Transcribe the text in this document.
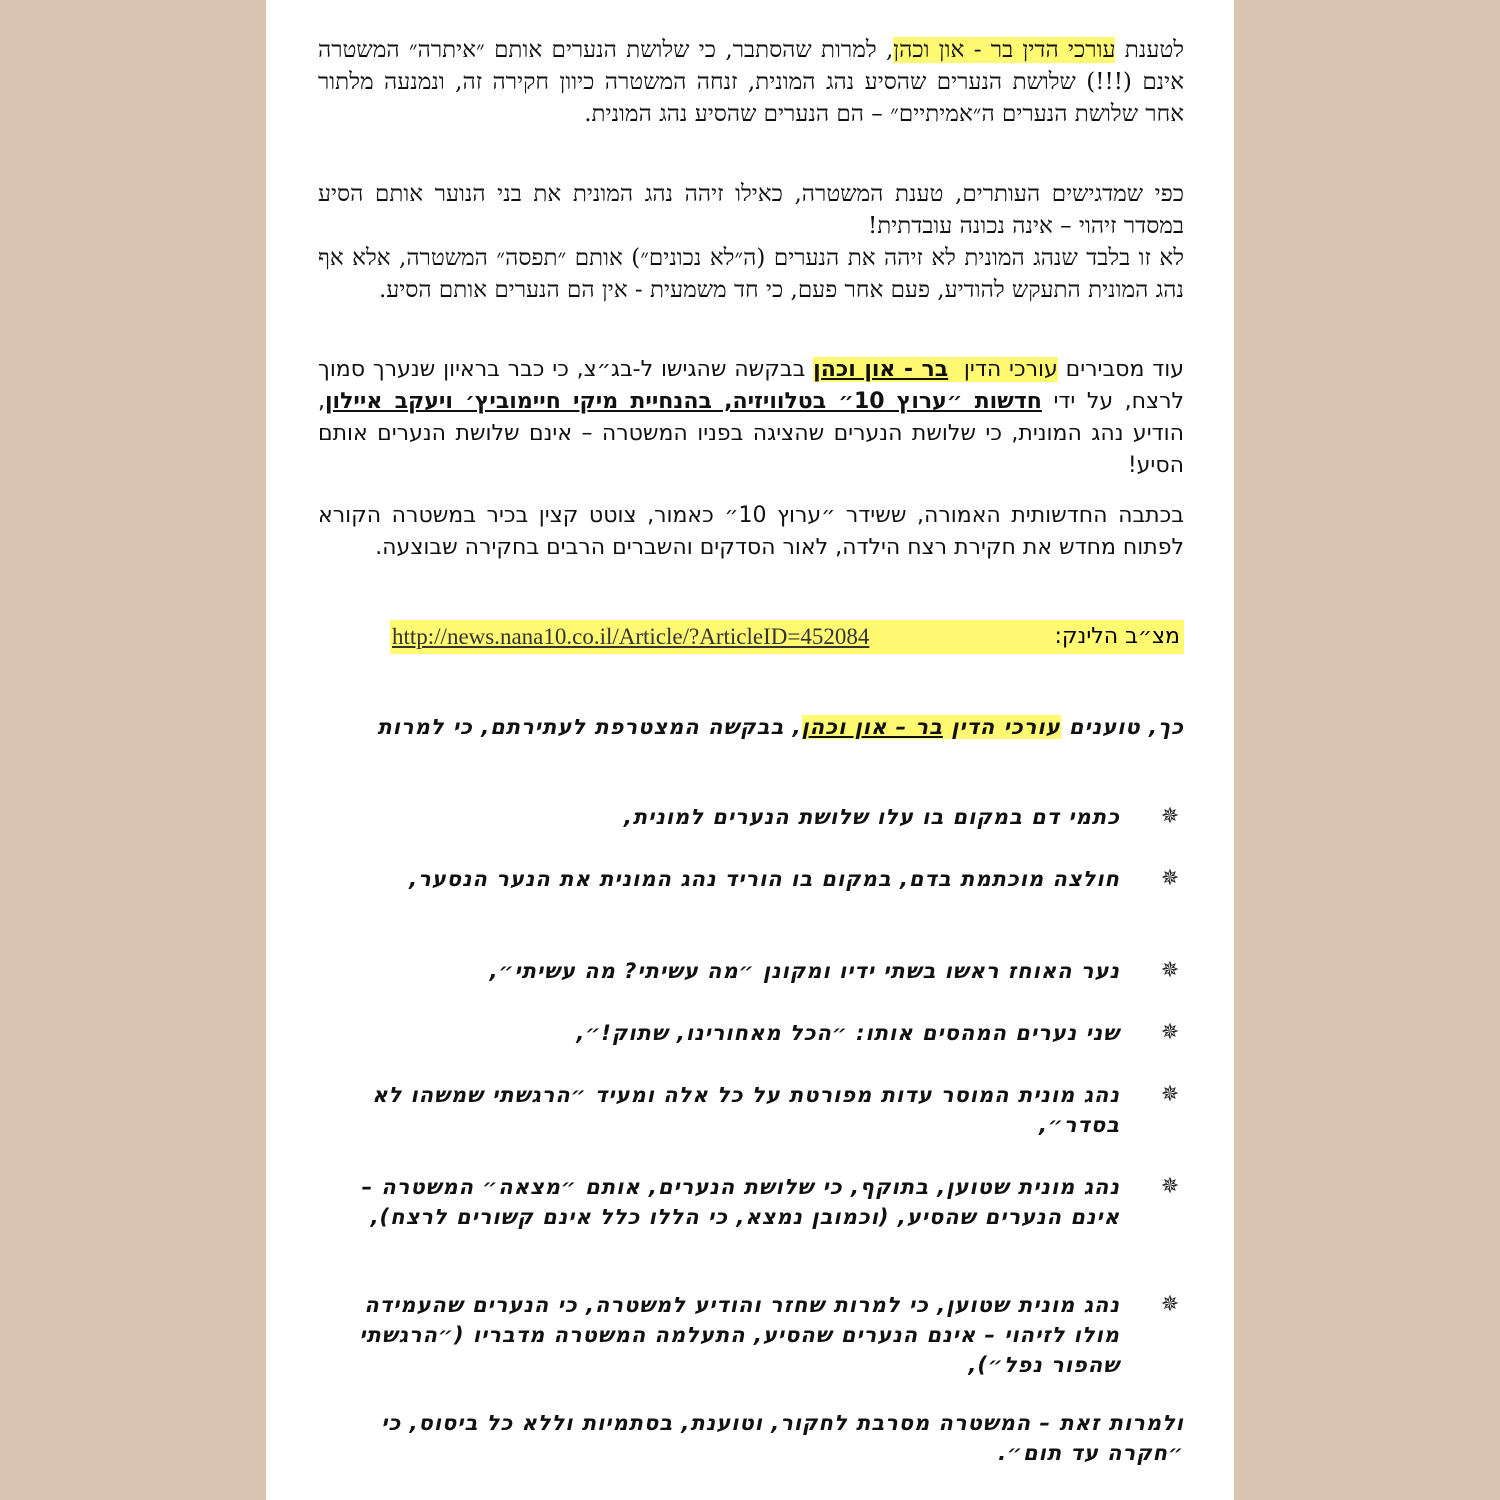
לטענת עורכי הדין בר - און וכהן, למרות שהסתבר, כי שלושת הנערים אותם ״איתרה״ המשטרה אינם (!!!) שלושת הנערים שהסיע נהג המונית, זנחה המשטרה כיוון חקירה זה, ונמנעה מלתור אחר שלושת הנערים ה״אמיתיים״ – הם הנערים שהסיע נהג המונית.
כפי שמדגישים העותרים, טענת המשטרה, כאילו זיהה נהג המונית את בני הנוער אותם הסיע במסדר זיהוי – אינה נכונה עובדתית!
לא זו בלבד שנהג המונית לא זיהה את הנערים (ה״לא נכונים״) אותם ״תפסה״ המשטרה, אלא אף נהג המונית התעקש להודיע, פעם אחר פעם, כי חד משמעית - אין הם הנערים אותם הסיע.
עוד מסבירים עורכי הדין  בר - און וכהן בבקשה שהגישו ל-בג״צ, כי כבר בראיון שנערך סמוך לרצח, על ידי חדשות ״ערוץ 10״ בטלוויזיה, בהנחיית מיקי חיימוביץ׳ ויעקב איילון, הודיע נהג המונית, כי שלושת הנערים שהציגה בפניו המשטרה – אינם שלושת הנערים אותם הסיע!
בכתבה החדשותית האמורה, ששידר ״ערוץ 10״ כאמור, צוטט קצין בכיר במשטרה הקורא לפתוח מחדש את חקירת רצח הילדה, לאור הסדקים והשברים הרבים בחקירה שבוצעה.
מצ״ב הלינק:
http://news.nana10.co.il/Article/?ArticleID=452084
כך, טוענים עורכי הדין בר – און וכהן, בבקשה המצטרפת לעתירתם, כי למרות
✵
כתמי דם במקום בו עלו שלושת הנערים למונית,
✵
חולצה מוכתמת בדם, במקום בו הוריד נהג המונית את הנער הנסער,
✵
נער האוחז ראשו בשתי ידיו ומקונן ״מה עשיתי? מה עשיתי״,
✵
שני נערים המהסים אותו: ״הכל מאחורינו, שתוק!״,
✵
נהג מונית המוסר עדות מפורטת על כל אלה ומעיד ״הרגשתי שמשהו לא בסדר״,
✵
נהג מונית שטוען, בתוקף, כי שלושת הנערים, אותם ״מצאה״ המשטרה – אינם הנערים שהסיע, (וכמובן נמצא, כי הללו כלל אינם קשורים לרצח),
✵
נהג מונית שטוען, כי למרות שחזר והודיע למשטרה, כי הנערים שהעמידה מולו לזיהוי – אינם הנערים שהסיע, התעלמה המשטרה מדבריו (״הרגשתי שהפור נפל״),
ולמרות זאת – המשטרה מסרבת לחקור, וטוענת, בסתמיות וללא כל ביסוס, כי ״חקרה עד תום״.
